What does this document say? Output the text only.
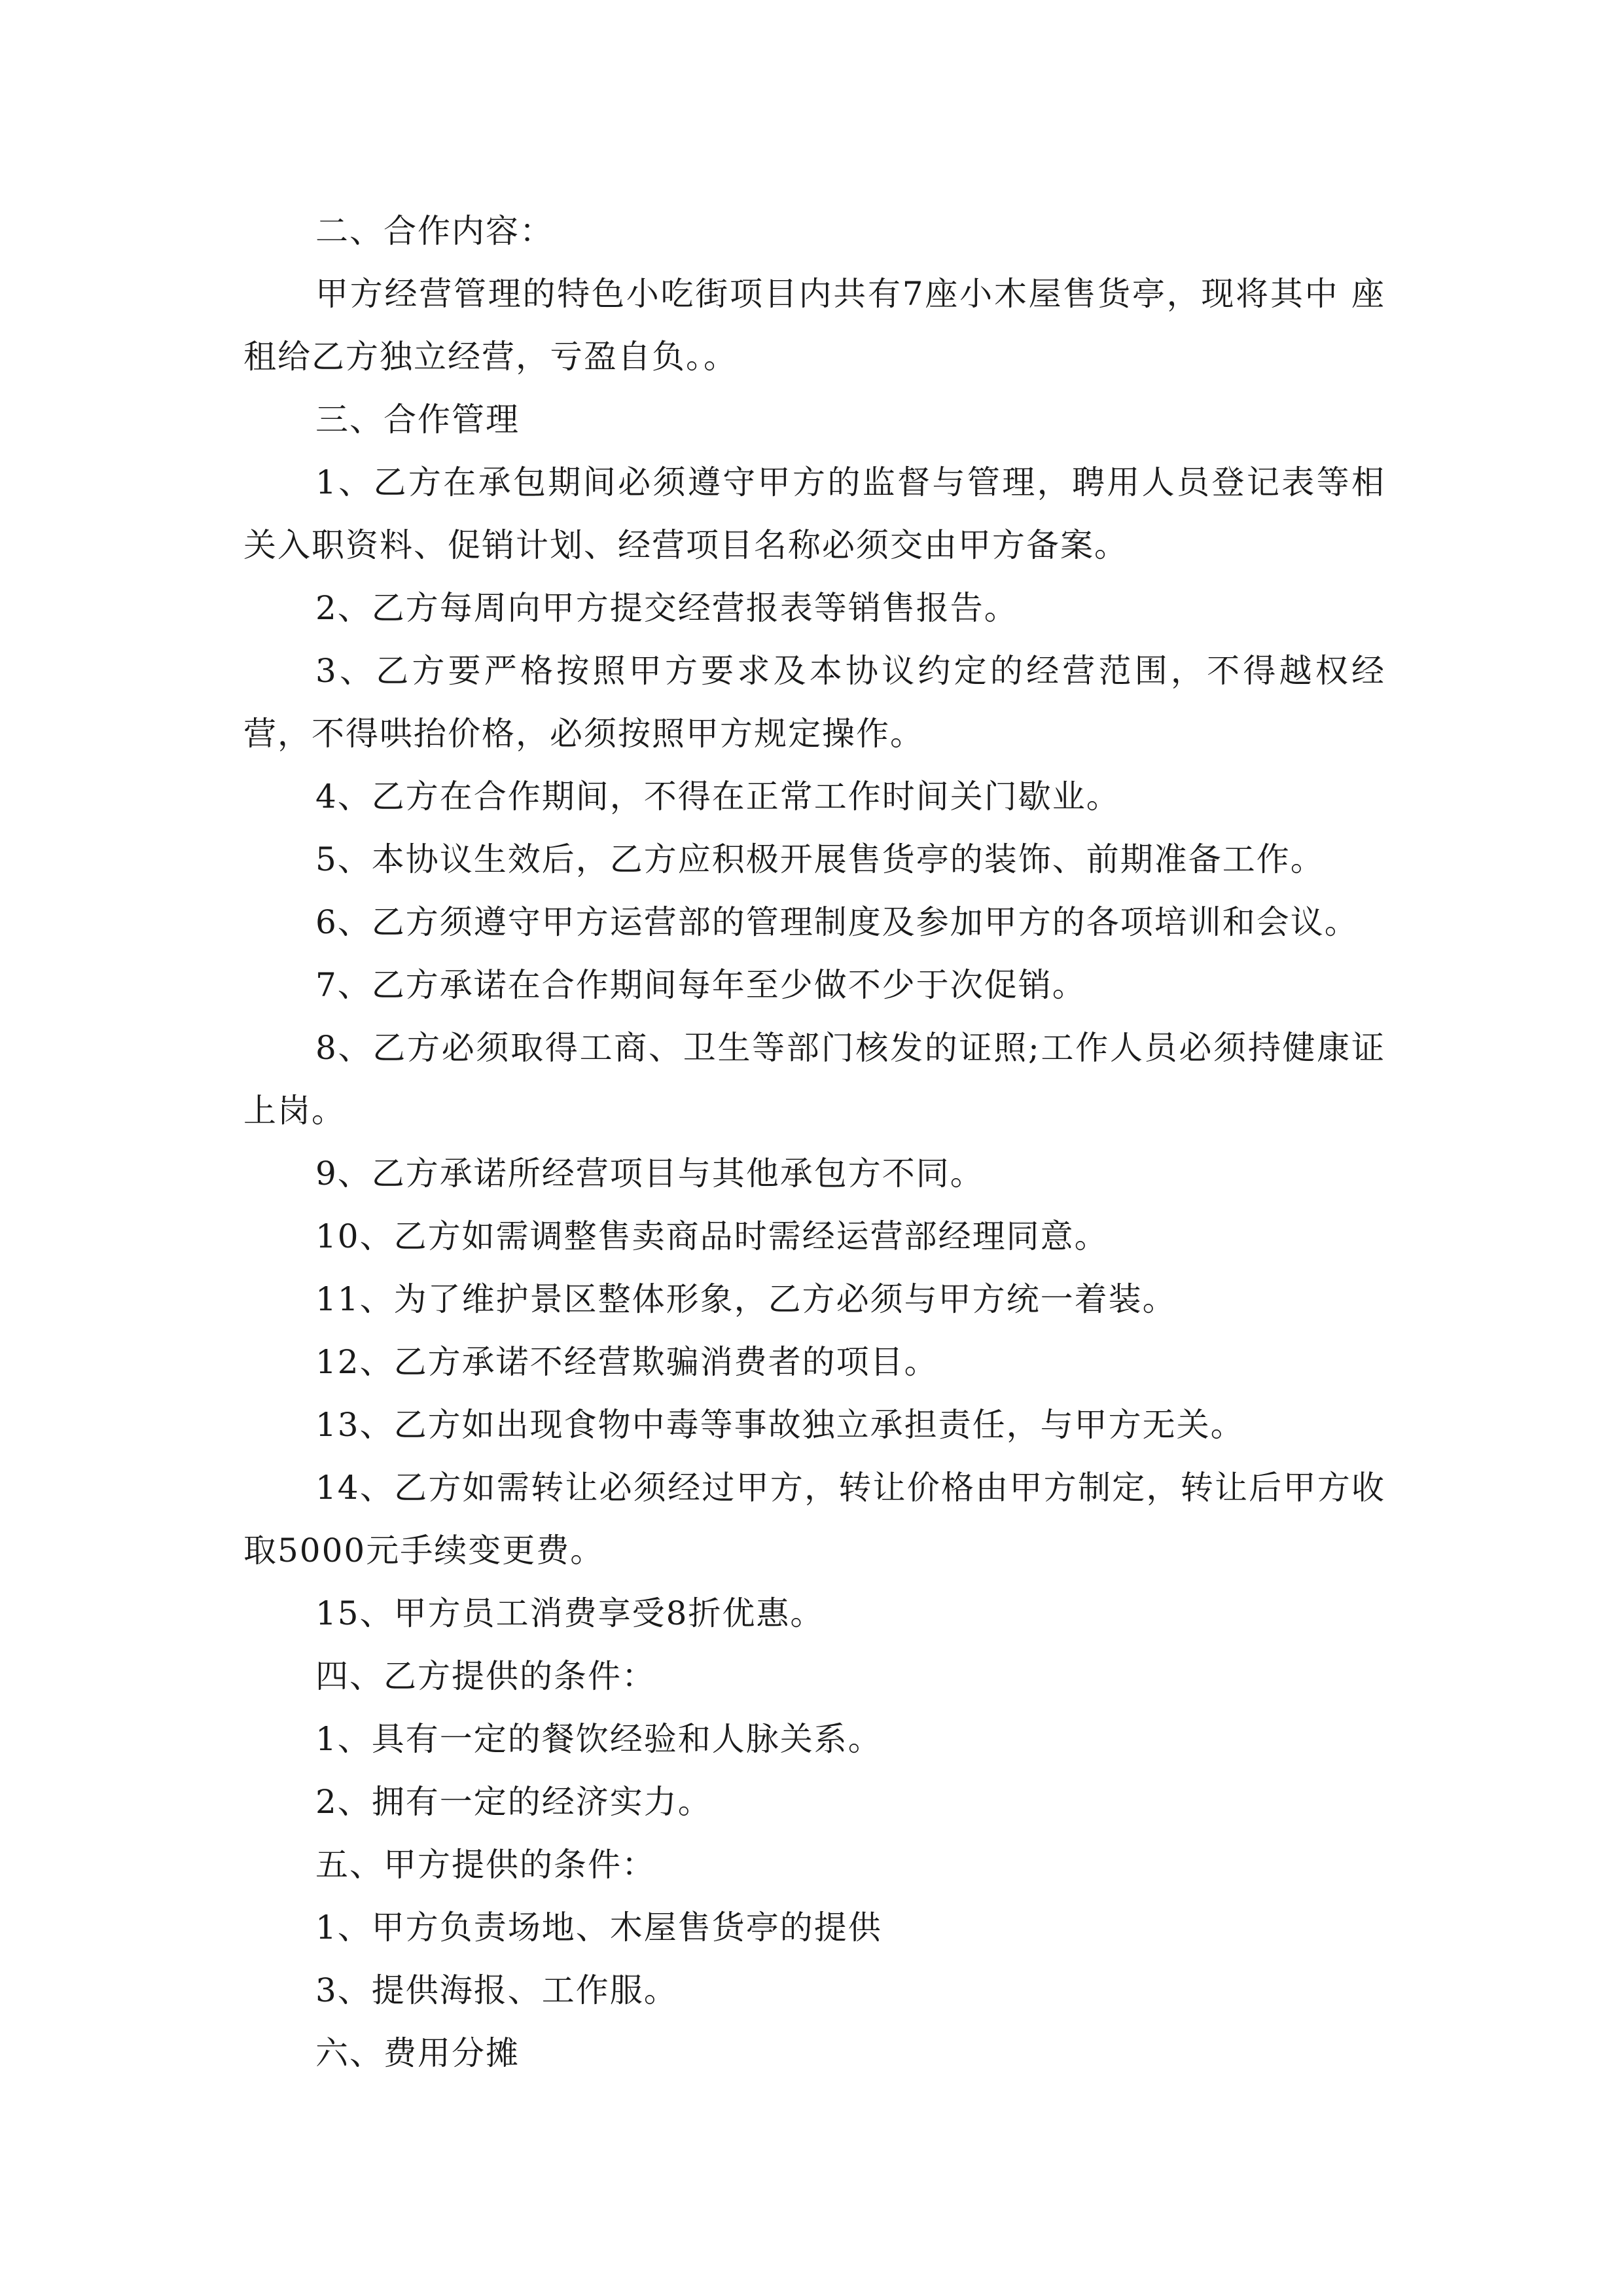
二、合作内容：

甲方经营管理的特色小吃街项目内共有7座小木屋售货亭，现将其中 座租给乙方独立经营，亏盈自负。。

三、合作管理

1、乙方在承包期间必须遵守甲方的监督与管理，聘用人员登记表等相关入职资料、促销计划、经营项目名称必须交由甲方备案。

2、乙方每周向甲方提交经营报表等销售报告。

3、乙方要严格按照甲方要求及本协议约定的经营范围，不得越权经营，不得哄抬价格，必须按照甲方规定操作。

4、乙方在合作期间，不得在正常工作时间关门歇业。

5、本协议生效后，乙方应积极开展售货亭的装饰、前期准备工作。

6、乙方须遵守甲方运营部的管理制度及参加甲方的各项培训和会议。

7、乙方承诺在合作期间每年至少做不少于次促销。

8、乙方必须取得工商、卫生等部门核发的证照;工作人员必须持健康证上岗。

9、乙方承诺所经营项目与其他承包方不同。

10、乙方如需调整售卖商品时需经运营部经理同意。

11、为了维护景区整体形象，乙方必须与甲方统一着装。

12、乙方承诺不经营欺骗消费者的项目。

13、乙方如出现食物中毒等事故独立承担责任，与甲方无关。

14、乙方如需转让必须经过甲方，转让价格由甲方制定，转让后甲方收取5000元手续变更费。

15、甲方员工消费享受8折优惠。

四、乙方提供的条件：

1、具有一定的餐饮经验和人脉关系。

2、拥有一定的经济实力。

五、甲方提供的条件：

1、甲方负责场地、木屋售货亭的提供

3、提供海报、工作服。

六、费用分摊
